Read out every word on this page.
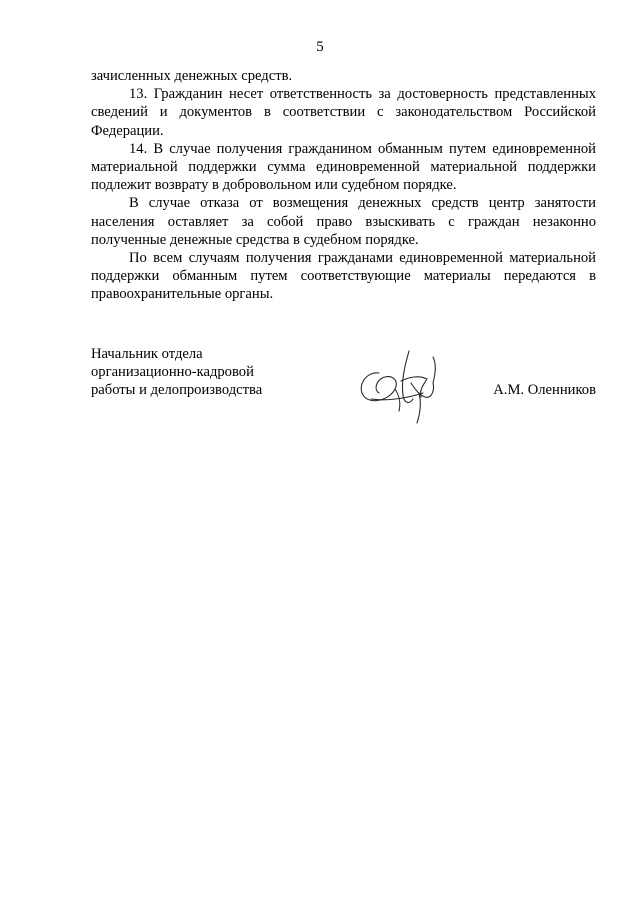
5

зачисленных денежных средств.

13. Гражданин несет ответственность за достоверность представленных сведений и документов в соответствии с законодательством Российской Федерации.

14. В случае получения гражданином обманным путем единовременной материальной поддержки сумма единовременной материальной поддержки подлежит возврату в добровольном или судебном порядке.

В случае отказа от возмещения денежных средств центр занятости населения оставляет за собой право взыскивать с граждан незаконно полученные денежные средства в судебном порядке.

По всем случаям получения гражданами единовременной материальной поддержки обманным путем соответствующие материалы передаются в правоохранительные органы.

Начальник отдела
организационно-кадровой
работы и делопроизводства	А.М. Оленников
